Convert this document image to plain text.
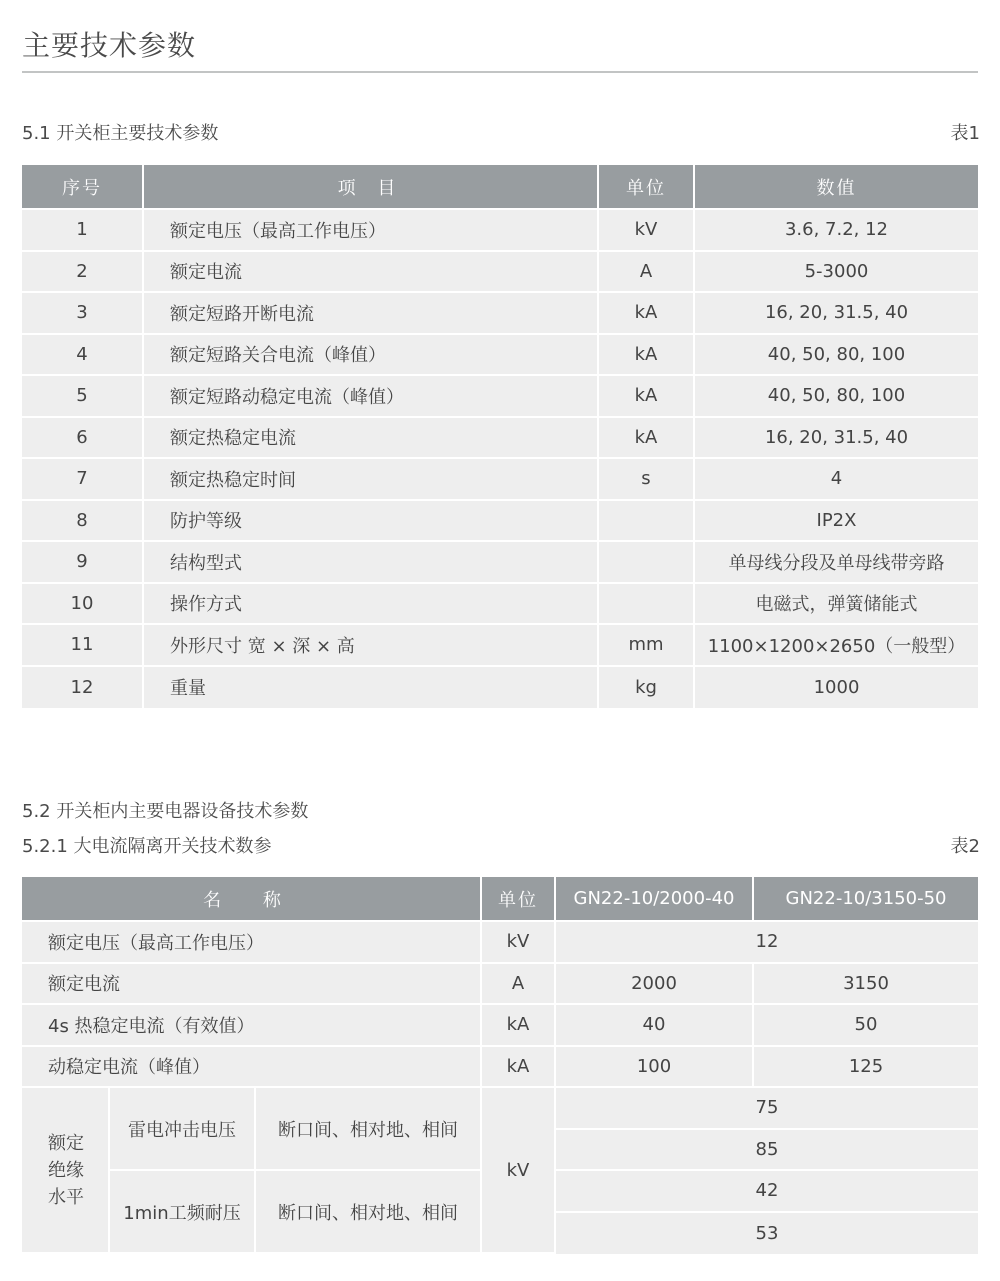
主要技术参数
5.1 开关柜主要技术参数	表1
序号	项 目	单位	数值
1	额定电压（最高工作电压）	kV	3.6, 7.2, 12
2	额定电流	A	5-3000
3	额定短路开断电流	kA	16, 20, 31.5, 40
4	额定短路关合电流（峰值）	kA	40, 50, 80, 100
5	额定短路动稳定电流（峰值）	kA	40, 50, 80, 100
6	额定热稳定电流	kA	16, 20, 31.5, 40
7	额定热稳定时间	s	4
8	防护等级		IP2X
9	结构型式		单母线分段及单母线带旁路
10	操作方式		电磁式，弹簧储能式
11	外形尺寸 宽 × 深 × 高	mm	1100×1200×2650（一般型）
12	重量	kg	1000
5.2 开关柜内主要电器设备技术参数
5.2.1 大电流隔离开关技术数参	表2
名 称			单位	GN22-10/2000-40	GN22-10/3150-50
额定电压（最高工作电压）			kV	12	
额定电流			A	2000	3150
4s 热稳定电流（有效值）			kA	40	50
动稳定电流（峰值）			kA	100	125
额定
绝缘
水平	雷电冲击电压	断口间、相对地、相间	kV	75	
				85	
	1min工频耐压	断口间、相对地、相间		42	
				53	
